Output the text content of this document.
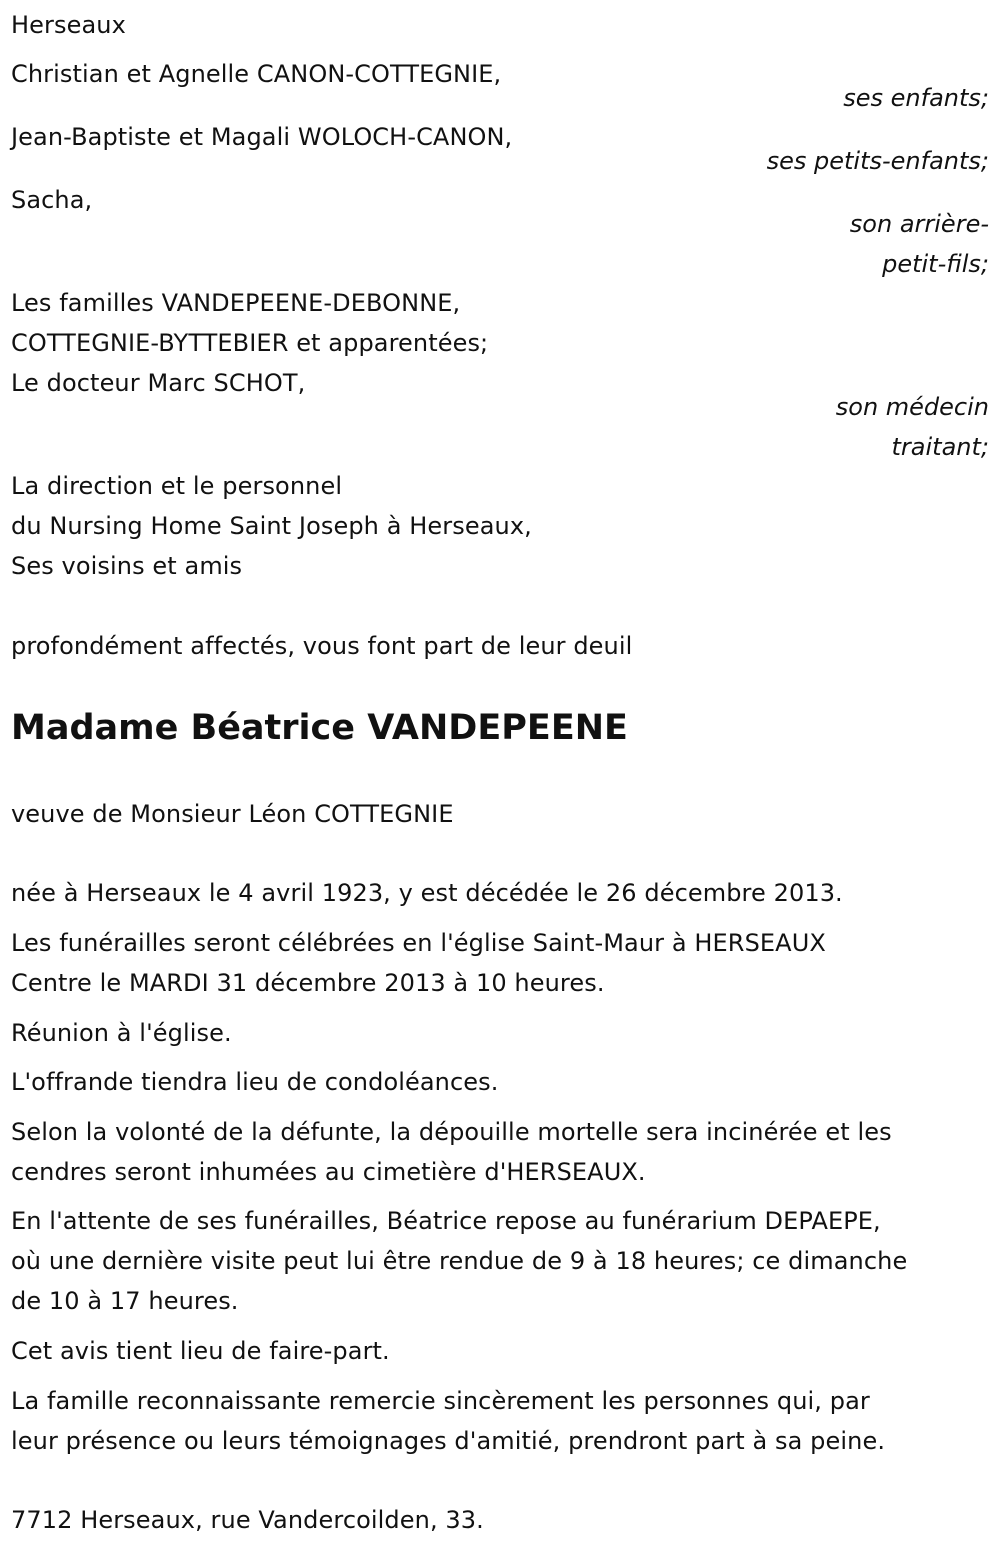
Herseaux
Christian et Agnelle CANON-COTTEGNIE,
ses enfants;
Jean-Baptiste et Magali WOLOCH-CANON,
ses petits-enfants;
Sacha,
son arrière-
petit-fils;
Les familles VANDEPEENE-DEBONNE,
COTTEGNIE-BYTTEBIER et apparentées;
Le docteur Marc SCHOT,
son médecin
traitant;
La direction et le personnel
du Nursing Home Saint Joseph à Herseaux,
Ses voisins et amis
profondément affectés, vous font part de leur deuil
Madame Béatrice VANDEPEENE
veuve de Monsieur Léon COTTEGNIE
née à Herseaux le 4 avril 1923, y est décédée le 26 décembre 2013.
Les funérailles seront célébrées en l'église Saint-Maur à HERSEAUX
Centre le MARDI 31 décembre 2013 à 10 heures.
Réunion à l'église.
L'offrande tiendra lieu de condoléances.
Selon la volonté de la défunte, la dépouille mortelle sera incinérée et les
cendres seront inhumées au cimetière d'HERSEAUX.
En l'attente de ses funérailles, Béatrice repose au funérarium DEPAEPE,
où une dernière visite peut lui être rendue de 9 à 18 heures; ce dimanche
de 10 à 17 heures.
Cet avis tient lieu de faire-part.
La famille reconnaissante remercie sincèrement les personnes qui, par
leur présence ou leurs témoignages d'amitié, prendront part à sa peine.
7712 Herseaux, rue Vandercoilden, 33.
